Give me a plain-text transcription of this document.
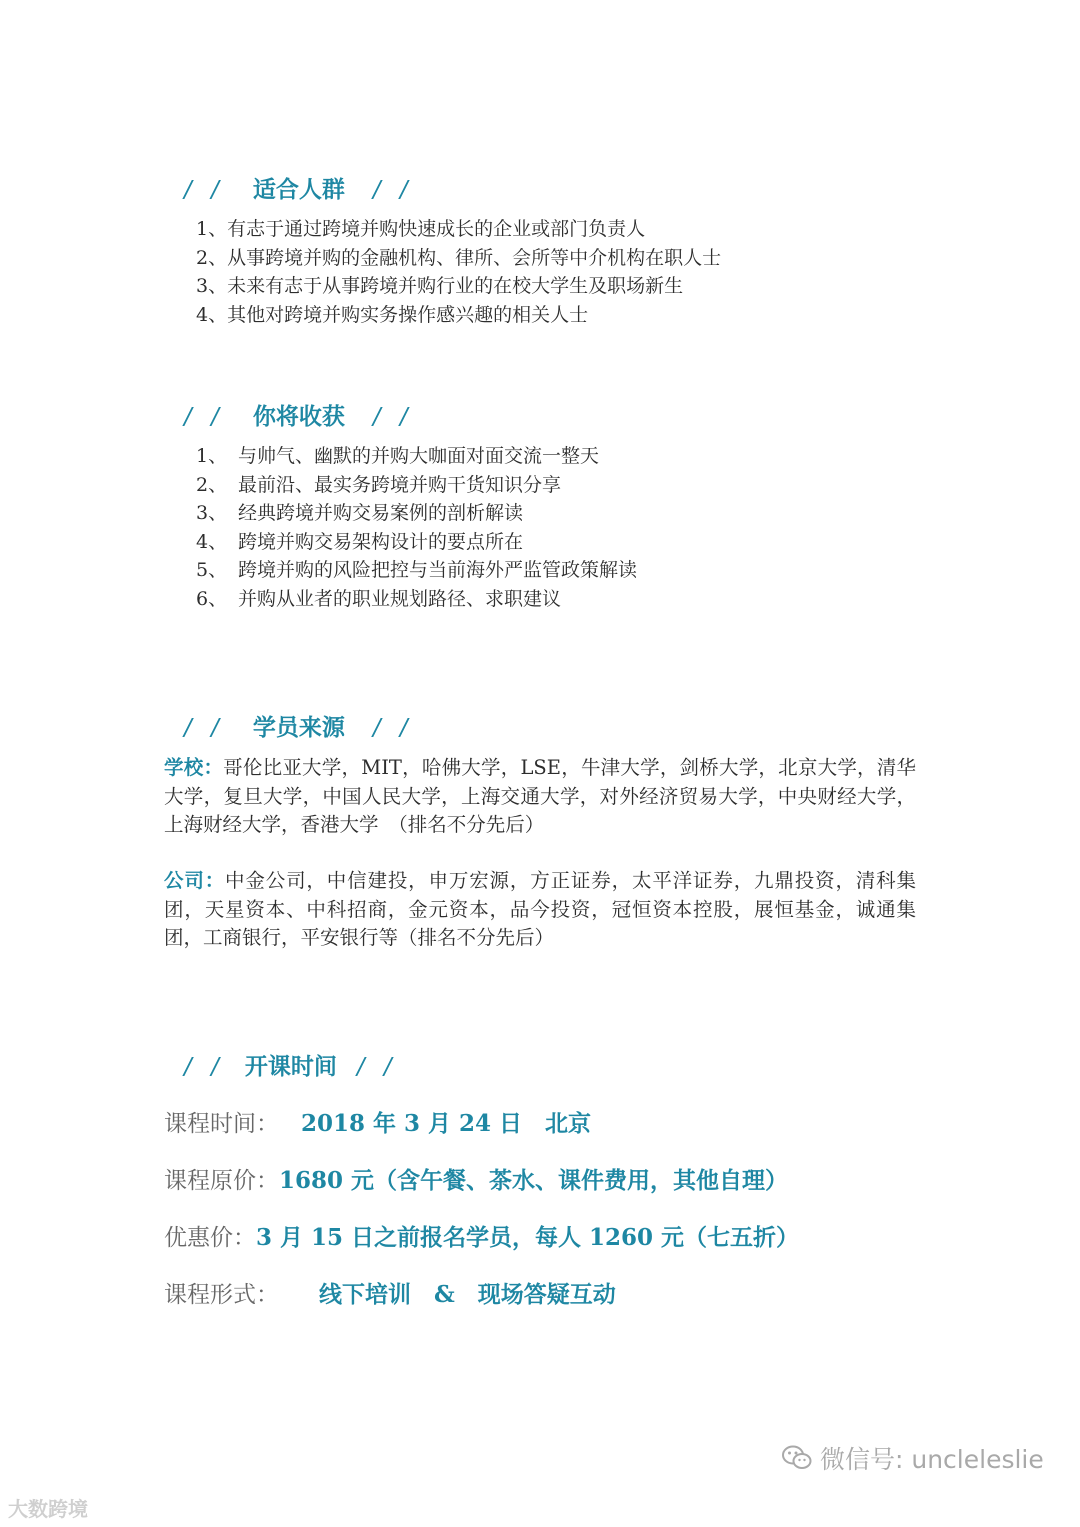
/ / 适合人群 / /

1、有志于通过跨境并购快速成长的企业或部门负责人
2、从事跨境并购的金融机构、律所、会所等中介机构在职人士
3、未来有志于从事跨境并购行业的在校大学生及职场新生
4、其他对跨境并购实务操作感兴趣的相关人士

/ / 你将收获 / /

1、 与帅气、幽默的并购大咖面对面交流一整天
2、 最前沿、最实务跨境并购干货知识分享
3、 经典跨境并购交易案例的剖析解读
4、 跨境并购交易架构设计的要点所在
5、 跨境并购的风险把控与当前海外严监管政策解读
6、 并购从业者的职业规划路径、求职建议

/ / 学员来源 / /

学校：哥伦比亚大学，MIT，哈佛大学，LSE，牛津大学，剑桥大学，北京大学，清华大学，复旦大学，中国人民大学，上海交通大学，对外经济贸易大学，中央财经大学，上海财经大学，香港大学　（排名不分先后）
公司：中金公司，中信建投，申万宏源，方正证券，太平洋证券，九鼎投资，清科集团，天星资本、中科招商，金元资本，品今投资，冠恒资本控股，展恒基金，诚通集团，工商银行，平安银行等（排名不分先后）

/ / 开课时间 / /

课程时间： 2018 年 3 月 24 日　北京
课程原价：1680 元（含午餐、茶水、课件费用，其他自理）
优惠价：3 月 15 日之前报名学员，每人 1260 元（七五折）
课程形式： 线下培训　&　现场答疑互动
大数跨境
微信号: uncleleslie
